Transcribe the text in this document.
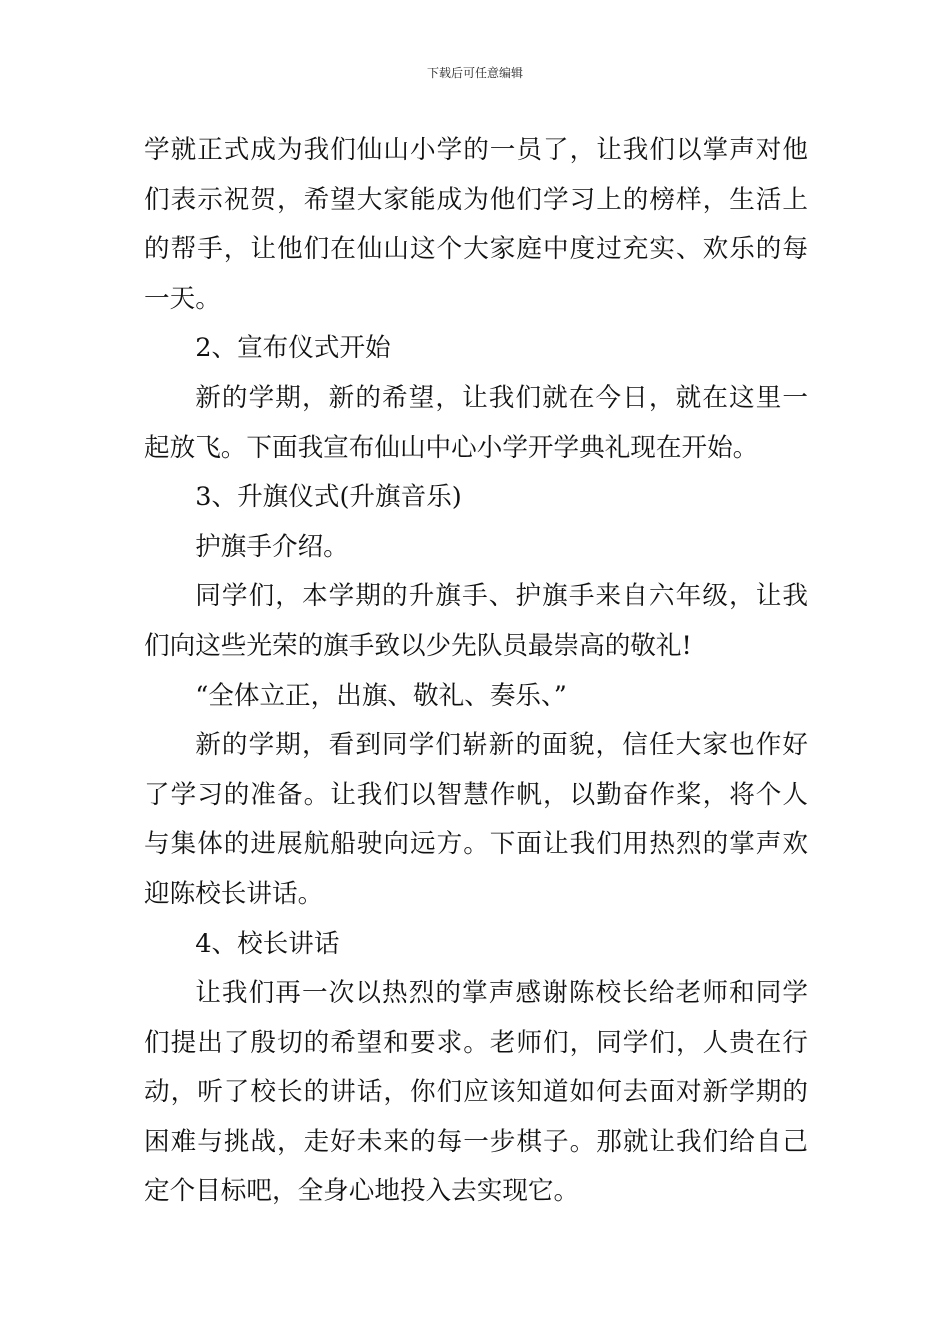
下载后可任意编辑

学就正式成为我们仙山小学的一员了，让我们以掌声对他们表示祝贺，希望大家能成为他们学习上的榜样，生活上的帮手，让他们在仙山这个大家庭中度过充实、欢乐的每一天。

2、宣布仪式开始

新的学期，新的希望，让我们就在今日，就在这里一起放飞。下面我宣布仙山中心小学开学典礼现在开始。

3、升旗仪式(升旗音乐)

护旗手介绍。

同学们，本学期的升旗手、护旗手来自六年级，让我们向这些光荣的旗手致以少先队员最崇高的敬礼!

“全体立正，出旗、敬礼、奏乐、”

新的学期，看到同学们崭新的面貌，信任大家也作好了学习的准备。让我们以智慧作帆，以勤奋作桨，将个人与集体的进展航船驶向远方。下面让我们用热烈的掌声欢迎陈校长讲话。

4、校长讲话

让我们再一次以热烈的掌声感谢陈校长给老师和同学们提出了殷切的希望和要求。老师们，同学们，人贵在行动，听了校长的讲话，你们应该知道如何去面对新学期的困难与挑战，走好未来的每一步棋子。那就让我们给自己定个目标吧，全身心地投入去实现它。
